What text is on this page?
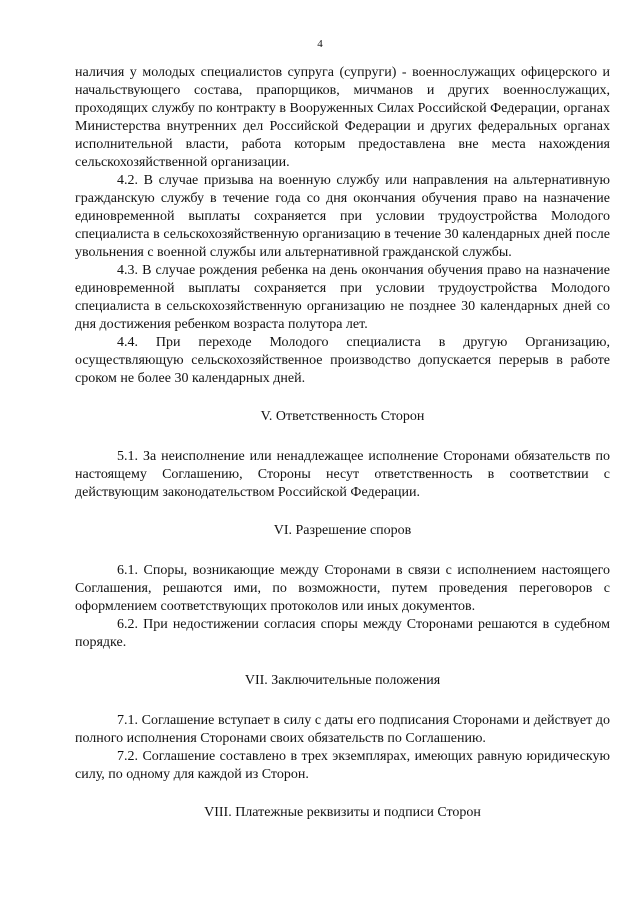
4

наличия у молодых специалистов супруга (супруги) - военнослужащих офицерского и начальствующего состава, прапорщиков, мичманов и других военнослужащих, проходящих службу по контракту в Вооруженных Силах Российской Федерации, органах Министерства внутренних дел Российской Федерации и других федеральных органах исполнительной власти, работа которым предоставлена вне места нахождения сельскохозяйственной организации.

4.2. В случае призыва на военную службу или направления на альтернативную гражданскую службу в течение года со дня окончания обучения право на назначение единовременной выплаты сохраняется при условии трудоустройства Молодого специалиста в сельскохозяйственную организацию в течение 30 календарных дней после увольнения с военной службы или альтернативной гражданской службы.

4.3. В случае рождения ребенка на день окончания обучения право на назначение единовременной выплаты сохраняется при условии трудоустройства Молодого специалиста в сельскохозяйственную организацию не позднее 30 календарных дней со дня достижения ребенком возраста полутора лет.

4.4. При переходе Молодого специалиста в другую Организацию, осуществляющую сельскохозяйственное производство допускается перерыв в работе сроком не более 30 календарных дней.

V. Ответственность Сторон

5.1. За неисполнение или ненадлежащее исполнение Сторонами обязательств по настоящему Соглашению, Стороны несут ответственность в соответствии с действующим законодательством Российской Федерации.

VI. Разрешение споров

6.1. Споры, возникающие между Сторонами в связи с исполнением настоящего Соглашения, решаются ими, по возможности, путем проведения переговоров с оформлением соответствующих протоколов или иных документов.

6.2. При недостижении согласия споры между Сторонами решаются в судебном порядке.

VII. Заключительные положения

7.1. Соглашение вступает в силу с даты его подписания Сторонами и действует до полного исполнения Сторонами своих обязательств по Соглашению.

7.2. Соглашение составлено в трех экземплярах, имеющих равную юридическую силу, по одному для каждой из Сторон.

VIII. Платежные реквизиты и подписи Сторон
